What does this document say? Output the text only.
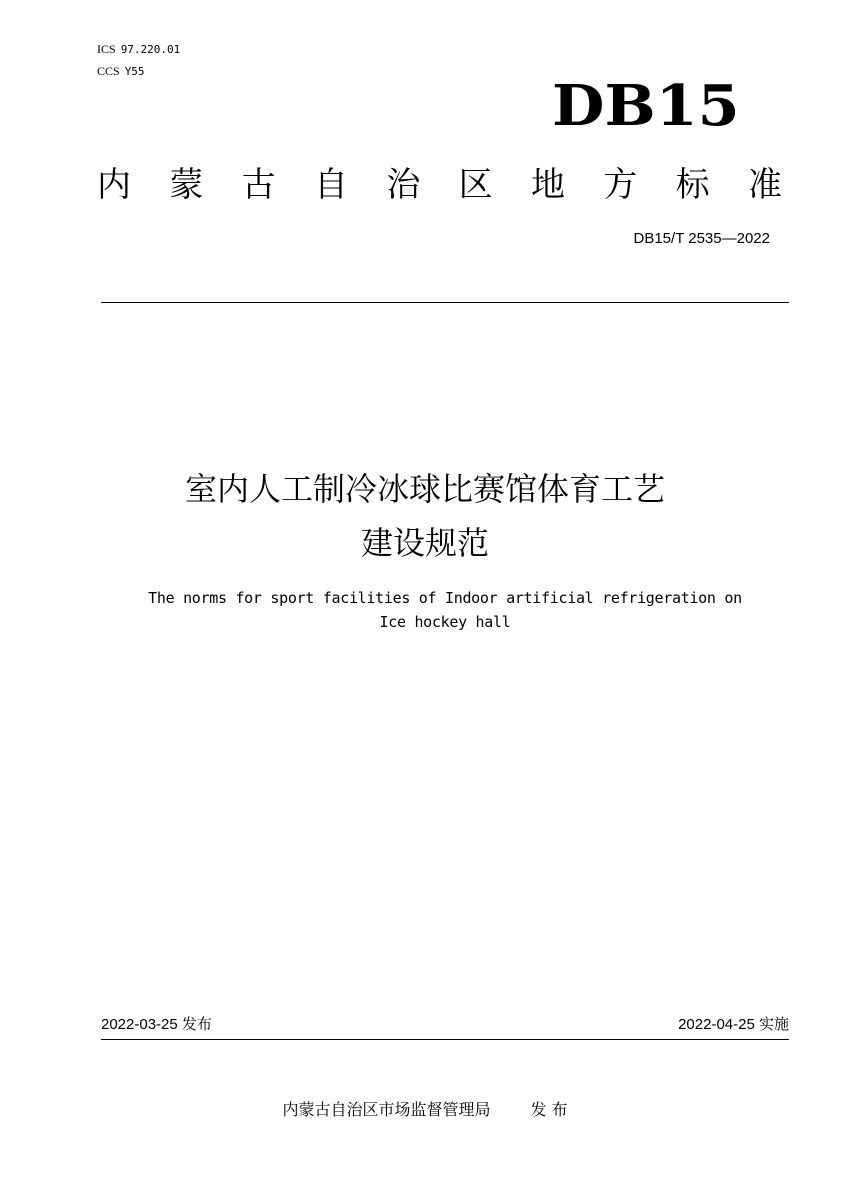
ICS 97.220.01
CCS Y55
DB15
内 蒙 古 自 治 区 地 方 标 准
DB15/T 2535—2022
室内人工制冷冰球比赛馆体育工艺
建设规范
The norms for sport facilities of Indoor artificial refrigeration on
Ice hockey hall
2022-03-25 发布	2022-04-25 实施
内蒙古自治区市场监督管理局	发 布
